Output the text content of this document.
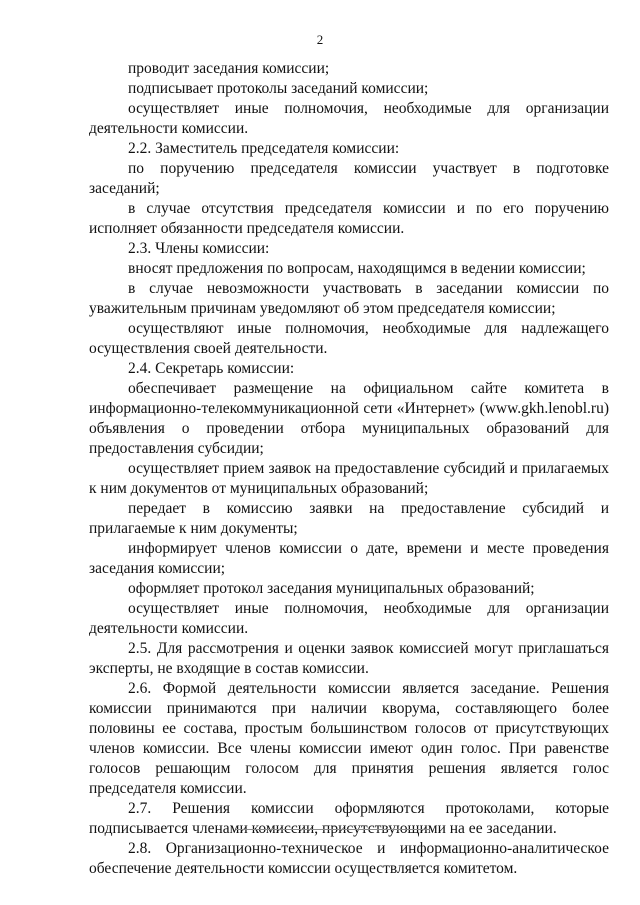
2

проводит заседания комиссии;

подписывает протоколы заседаний комиссии;

осуществляет иные полномочия, необходимые для организации деятельности комиссии.

2.2. Заместитель председателя комиссии:

по поручению председателя комиссии участвует в подготовке заседаний;

в случае отсутствия председателя комиссии и по его поручению исполняет обязанности председателя комиссии.

2.3. Члены комиссии:

вносят предложения по вопросам, находящимся в ведении комиссии;

в случае невозможности участвовать в заседании комиссии по уважительным причинам уведомляют об этом председателя комиссии;

осуществляют иные полномочия, необходимые для надлежащего осуществления своей деятельности.

2.4. Секретарь комиссии:

обеспечивает размещение на официальном сайте комитета в информационно-телекоммуникационной сети «Интернет» (www.gkh.lenobl.ru) объявления о проведении отбора муниципальных образований для предоставления субсидии;

осуществляет прием заявок на предоставление субсидий и прилагаемых к ним документов от муниципальных образований;

передает в комиссию заявки на предоставление субсидий и прилагаемые к ним документы;

информирует членов комиссии о дате, времени и месте проведения заседания комиссии;

оформляет протокол заседания муниципальных образований;

осуществляет иные полномочия, необходимые для организации деятельности комиссии.

2.5. Для рассмотрения и оценки заявок комиссией могут приглашаться эксперты, не входящие в состав комиссии.

2.6. Формой деятельности комиссии является заседание. Решения комиссии принимаются при наличии кворума, составляющего более половины ее состава, простым большинством голосов от присутствующих членов комиссии. Все члены комиссии имеют один голос. При равенстве голосов решающим голосом для принятия решения является голос председателя комиссии.

2.7. Решения комиссии оформляются протоколами, которые подписывается членами комиссии, присутствующими на ее заседании.

2.8. Организационно-техническое и информационно-аналитическое обеспечение деятельности комиссии осуществляется комитетом.
